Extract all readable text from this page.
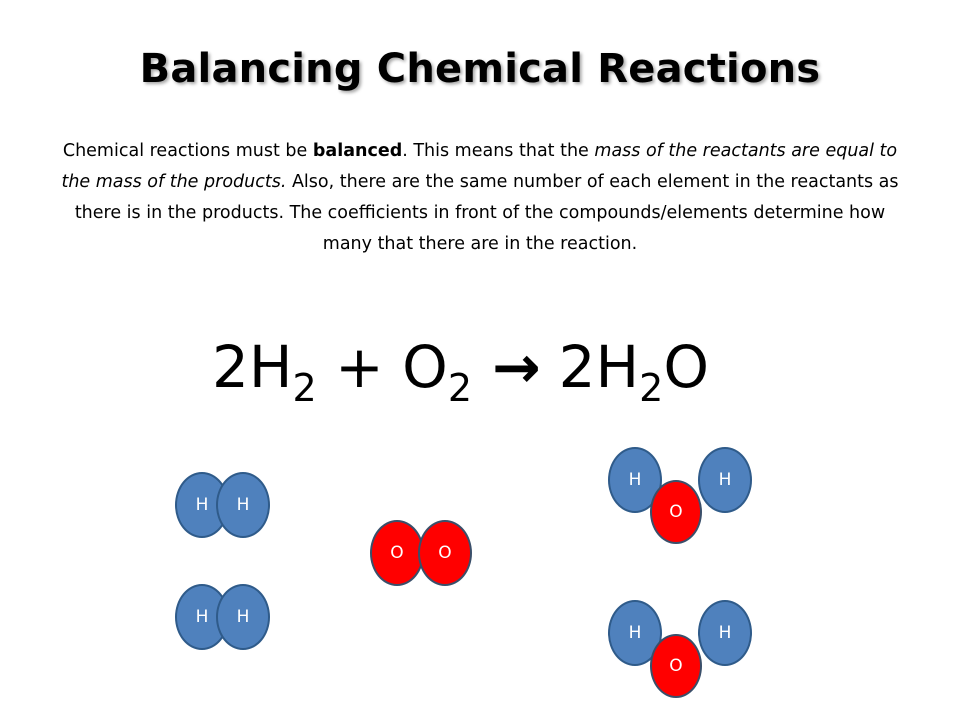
Balancing Chemical Reactions
Chemical reactions must be balanced. This means that the mass of the reactants are equal to the mass of the products. Also, there are the same number of each element in the reactants as there is in the products. The coefficients in front of the compounds/elements determine how many that there are in the reaction.
$2H_2 + O_2 \to 2H_2O$
H	H
H	H
O	O
H	H
O
H	H
O
